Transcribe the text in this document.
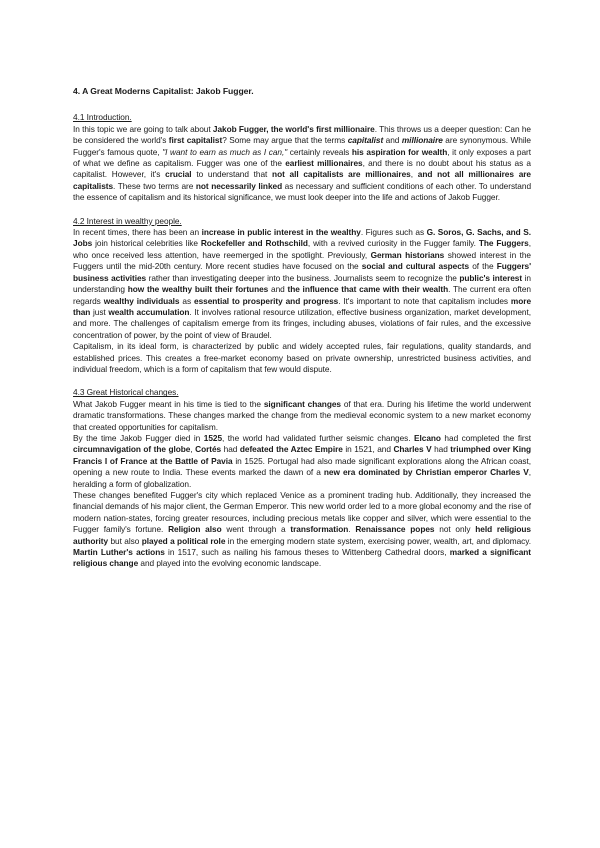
4. A Great Moderns Capitalist: Jakob Fugger.

4.1 Introduction.

In this topic we are going to talk about Jakob Fugger, the world's first millionaire. This throws us a deeper question: Can he be considered the world's first capitalist? Some may argue that the terms capitalist and millionaire are synonymous. While Fugger's famous quote, "I want to earn as much as I can," certainly reveals his aspiration for wealth, it only exposes a part of what we define as capitalism. Fugger was one of the earliest millionaires, and there is no doubt about his status as a capitalist. However, it's crucial to understand that not all capitalists are millionaires, and not all millionaires are capitalists. These two terms are not necessarily linked as necessary and sufficient conditions of each other. To understand the essence of capitalism and its historical significance, we must look deeper into the life and actions of Jakob Fugger.

4.2 Interest in wealthy people.

In recent times, there has been an increase in public interest in the wealthy. Figures such as G. Soros, G. Sachs, and S. Jobs join historical celebrities like Rockefeller and Rothschild, with a revived curiosity in the Fugger family. The Fuggers, who once received less attention, have reemerged in the spotlight. Previously, German historians showed interest in the Fuggers until the mid-20th century. More recent studies have focused on the social and cultural aspects of the Fuggers' business activities rather than investigating deeper into the business. Journalists seem to recognize the public's interest in understanding how the wealthy built their fortunes and the influence that came with their wealth. The current era often regards wealthy individuals as essential to prosperity and progress. It's important to note that capitalism includes more than just wealth accumulation. It involves rational resource utilization, effective business organization, market development, and more. The challenges of capitalism emerge from its fringes, including abuses, violations of fair rules, and the excessive concentration of power, by the point of view of Braudel.

Capitalism, in its ideal form, is characterized by public and widely accepted rules, fair regulations, quality standards, and established prices. This creates a free-market economy based on private ownership, unrestricted business activities, and individual freedom, which is a form of capitalism that few would dispute.

4.3 Great Historical changes.

What Jakob Fugger meant in his time is tied to the significant changes of that era. During his lifetime the world underwent dramatic transformations. These changes marked the change from the medieval economic system to a new market economy that created opportunities for capitalism.

By the time Jakob Fugger died in 1525, the world had validated further seismic changes. Elcano had completed the first circumnavigation of the globe, Cortés had defeated the Aztec Empire in 1521, and Charles V had triumphed over King Francis I of France at the Battle of Pavia in 1525. Portugal had also made significant explorations along the African coast, opening a new route to India. These events marked the dawn of a new era dominated by Christian emperor Charles V, heralding a form of globalization.

These changes benefited Fugger's city which replaced Venice as a prominent trading hub. Additionally, they increased the financial demands of his major client, the German Emperor. This new world order led to a more global economy and the rise of modern nation-states, forcing greater resources, including precious metals like copper and silver, which were essential to the Fugger family's fortune. Religion also went through a transformation. Renaissance popes not only held religious authority but also played a political role in the emerging modern state system, exercising power, wealth, art, and diplomacy. Martin Luther's actions in 1517, such as nailing his famous theses to Wittenberg Cathedral doors, marked a significant religious change and played into the evolving economic landscape.
